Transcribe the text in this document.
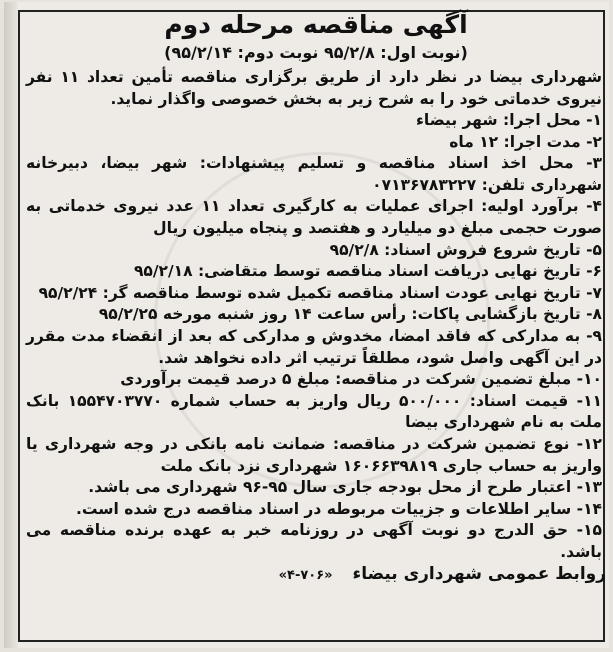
آگهی مناقصه مرحله دوم

(نوبت اول: ۹۵/۲/۸ نوبت دوم: ۹۵/۲/۱۴)

شهرداری بیضا در نظر دارد از طریق برگزاری مناقصه تأمین تعداد ۱۱ نفر نیروی خدماتی خود را به شرح زیر به بخش خصوصی واگذار نماید.

۱- محل اجرا: شهر بیضاء
۲- مدت اجرا: ۱۲ ماه
۳- محل اخذ اسناد مناقصه و تسلیم پیشنهادات: شهر بیضا، دبیرخانه شهرداری تلفن: ۰۷۱۳۶۷۸۳۲۲۷
۴- برآورد اولیه: اجرای عملیات به کارگیری تعداد ۱۱ عدد نیروی خدماتی به صورت حجمی مبلغ دو میلیارد و هفتصد و پنجاه میلیون ریال
۵- تاریخ شروع فروش اسناد: ۹۵/۲/۸
۶- تاریخ نهایی دریافت اسناد مناقصه توسط متقاضی: ۹۵/۲/۱۸
۷- تاریخ نهایی عودت اسناد مناقصه تکمیل شده توسط مناقصه گر: ۹۵/۲/۲۴
۸- تاریخ بازگشایی پاکات: رأس ساعت ۱۴ روز شنبه مورخه ۹۵/۲/۲۵
۹- به مدارکی که فاقد امضا، مخدوش و مدارکی که بعد از انقضاء مدت مقرر در این آگهی واصل شود، مطلقاً ترتیب اثر داده نخواهد شد.
۱۰- مبلغ تضمین شرکت در مناقصه: مبلغ ۵ درصد قیمت برآوردی
۱۱- قیمت اسناد: ۵۰۰/۰۰۰ ریال واریز به حساب شماره ۱۵۵۴۷۰۳۷۷۰ بانک ملت به نام شهرداری بیضا
۱۲- نوع تضمین شرکت در مناقصه: ضمانت نامه بانکی در وجه شهرداری یا واریز به حساب جاری ۱۶۰۶۶۳۹۸۱۹ شهرداری نزد بانک ملت
۱۳- اعتبار طرح از محل بودجه جاری سال ۹۵-۹۶ شهرداری می باشد.
۱۴- سایر اطلاعات و جزییات مربوطه در اسناد مناقصه درج شده است.
۱۵- حق الدرج دو نوبت آگهی در روزنامه خبر به عهده برنده مناقصه می باشد.

روابط عمومی شهرداری بیضاء «۴-۷۰۶»
